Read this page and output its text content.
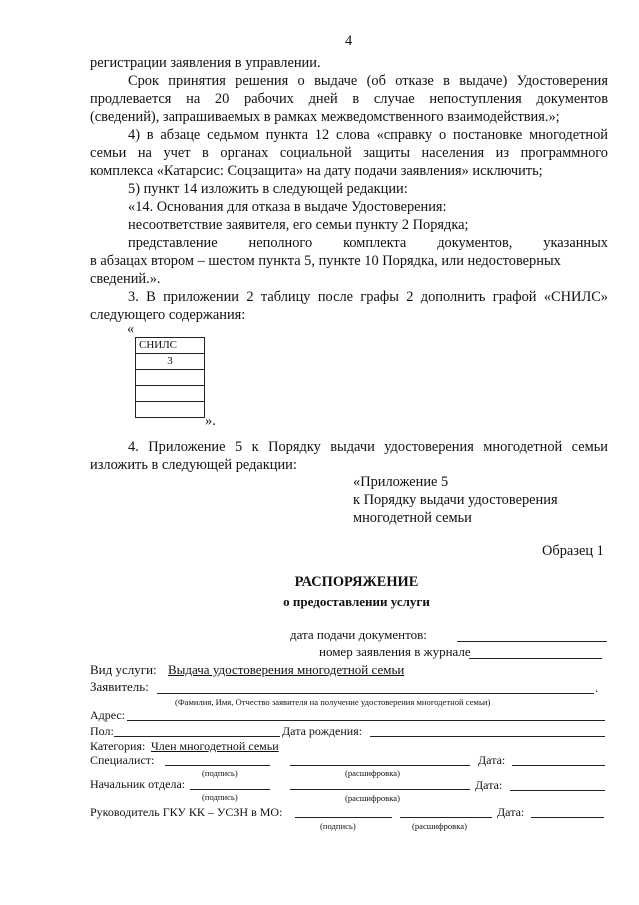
4
регистрации заявления в управлении.
Срок принятия решения о выдаче (об отказе в выдаче) Удостоверения
продлевается на 20 рабочих дней в случае непоступления документов
(сведений), запрашиваемых в рамках межведомственного взаимодействия.»;
4) в абзаце седьмом пункта 12 слова «справку о постановке многодетной
семьи на учет в органах социальной защиты населения из программного
комплекса «Катарсис: Соцзащита» на дату подачи заявления» исключить;
5) пункт 14 изложить в следующей редакции:
«14. Основания для отказа в выдаче Удостоверения:
несоответствие заявителя, его семьи пункту 2 Порядка;
представление неполного комплекта документов, указанных
в абзацах втором – шестом пункта 5, пункте 10 Порядка, или недостоверных
сведений.».
3. В приложении 2 таблицу после графы 2 дополнить графой «СНИЛС»
следующего содержания:
«
СНИЛС
3

».
4. Приложение 5 к Порядку выдачи удостоверения многодетной семьи
изложить в следующей редакции:
«Приложение 5
к Порядку выдачи удостоверения
многодетной семьи
Образец 1
РАСПОРЯЖЕНИЕ
о предоставлении услуги
дата подачи документов:
номер заявления в журнале
Вид услуги: Выдача удостоверения многодетной семьи
Заявитель:	.
(Фамилия, Имя, Отчество заявителя на получение удостоверения многодетной семьи)
Адрес:
Пол:	Дата рождения:
Категория: Член многодетной семьи
Специалист:	Дата:
(подпись)	(расшифровка)
Начальник отдела:	Дата:
(подпись)	(расшифровка)
Руководитель ГКУ КК – УСЗН в МО:	Дата:
(подпись)	(расшифровка)
